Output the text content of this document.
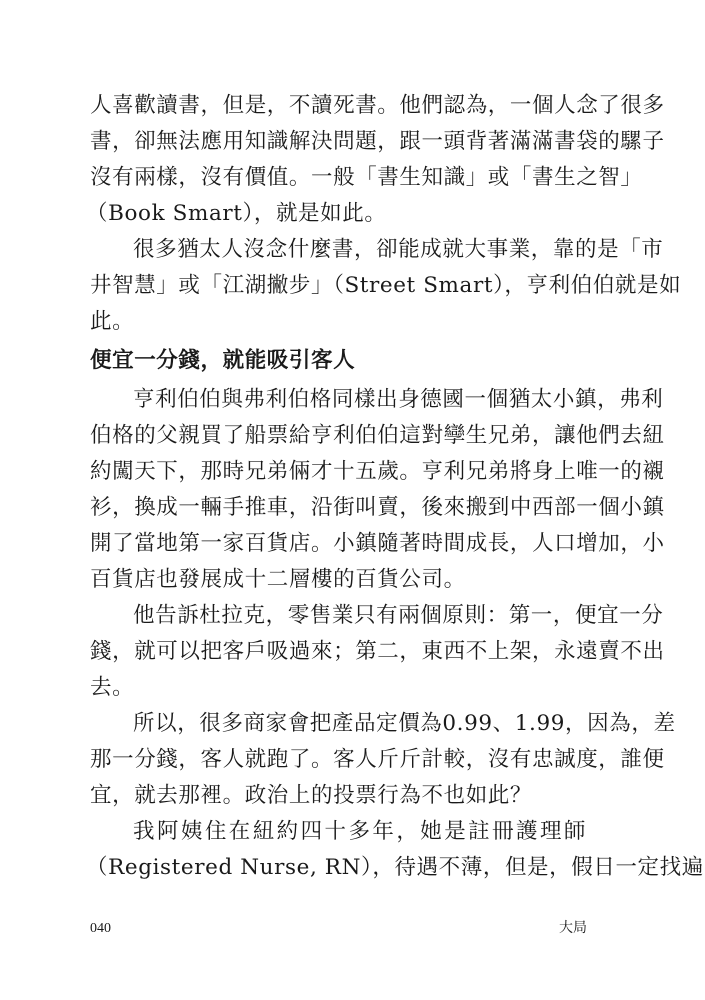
人喜歡讀書，但是，不讀死書。他們認為，一個人念了很多
書，卻無法應用知識解決問題，跟一頭背著滿滿書袋的騾子
沒有兩樣，沒有價值。一般「書生知識」或「書生之智」
（Book Smart），就是如此。
很多猶太人沒念什麼書，卻能成就大事業，靠的是「市
井智慧」或「江湖撇步」（Street Smart），亨利伯伯就是如
此。
便宜一分錢，就能吸引客人
亨利伯伯與弗利伯格同樣出身德國一個猶太小鎮，弗利
伯格的父親買了船票給亨利伯伯這對孿生兄弟，讓他們去紐
約闖天下，那時兄弟倆才十五歲。亨利兄弟將身上唯一的襯
衫，換成一輛手推車，沿街叫賣，後來搬到中西部一個小鎮
開了當地第一家百貨店。小鎮隨著時間成長，人口增加，小
百貨店也發展成十二層樓的百貨公司。
他告訴杜拉克，零售業只有兩個原則：第一，便宜一分
錢，就可以把客戶吸過來；第二，東西不上架，永遠賣不出
去。
所以，很多商家會把產品定價為0.99、1.99，因為，差
那一分錢，客人就跑了。客人斤斤計較，沒有忠誠度，誰便
宜，就去那裡。政治上的投票行為不也如此？
我阿姨住在紐約四十多年，她是註冊護理師
（Registered Nurse, RN），待遇不薄，但是，假日一定找遍
040	大局
